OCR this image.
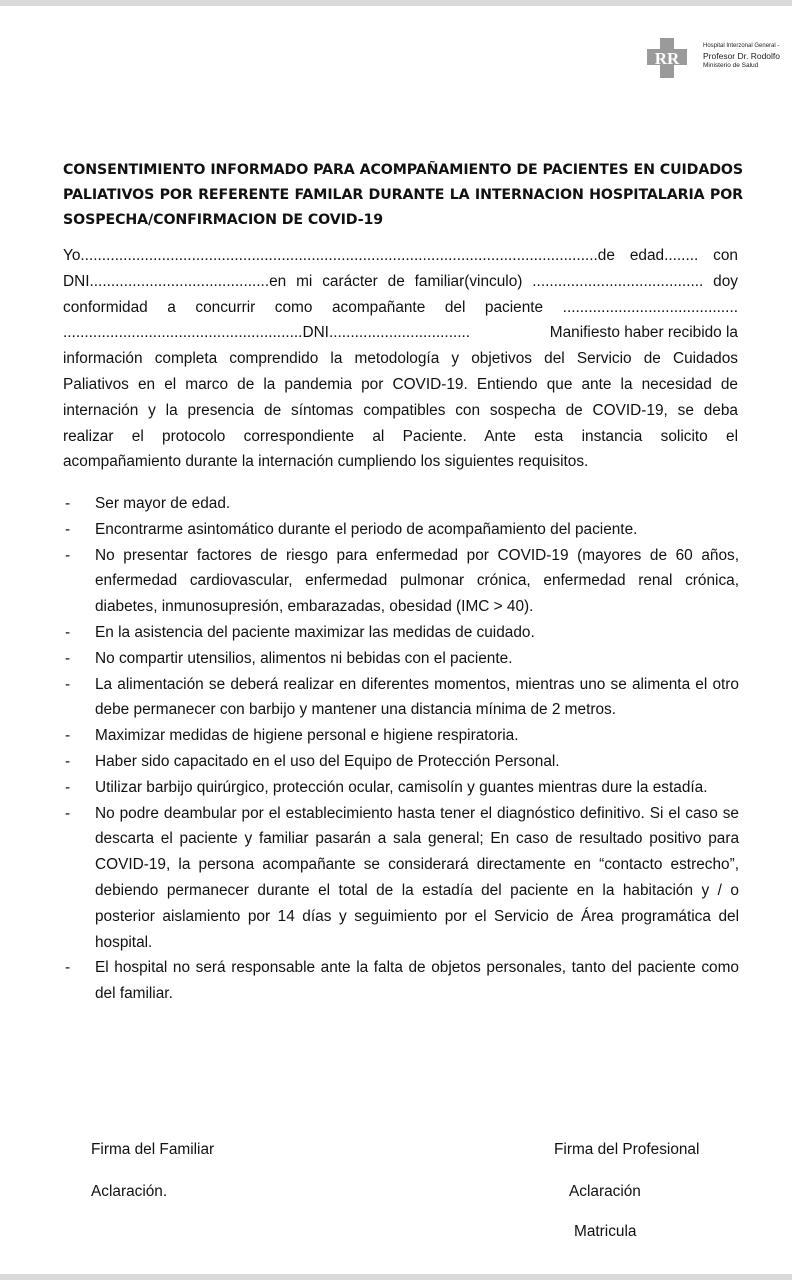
RR
Hospital Interzonal General -
Profesor Dr. Rodolfo
Ministerio de Salud
CONSENTIMIENTO INFORMADO PARA ACOMPAÑAMIENTO DE PACIENTES EN CUIDADOS
PALIATIVOS POR REFERENTE FAMILAR DURANTE LA INTERNACION HOSPITALARIA POR
SOSPECHA/CONFIRMACION DE COVID-19
Yo.........................................................................................................................de edad........ con
DNI..........................................en mi carácter de familiar(vinculo) ........................................ doy
conformidad a concurrir como acompañante del paciente .........................................
........................................................DNI.................................	Manifiesto haber recibido la
información completa comprendido la metodología y objetivos del Servicio de Cuidados
Paliativos en el marco de la pandemia por COVID-19. Entiendo que ante la necesidad de
internación y la presencia de síntomas compatibles con sospecha de COVID-19, se deba
realizar el protocolo correspondiente al Paciente. Ante esta instancia solicito el
acompañamiento durante la internación cumpliendo los siguientes requisitos.
- Ser mayor de edad.
- Encontrarme asintomático durante el periodo de acompañamiento del paciente.
- No presentar factores de riesgo para enfermedad por COVID-19 (mayores de 60 años, enfermedad cardiovascular, enfermedad pulmonar crónica, enfermedad renal crónica, diabetes, inmunosupresión, embarazadas, obesidad (IMC > 40).
- En la asistencia del paciente maximizar las medidas de cuidado.
- No compartir utensilios, alimentos ni bebidas con el paciente.
- La alimentación se deberá realizar en diferentes momentos, mientras uno se alimenta el otro debe permanecer con barbijo y mantener una distancia mínima de 2 metros.
- Maximizar medidas de higiene personal e higiene respiratoria.
- Haber sido capacitado en el uso del Equipo de Protección Personal.
- Utilizar barbijo quirúrgico, protección ocular, camisolín y guantes mientras dure la estadía.
- No podre deambular por el establecimiento hasta tener el diagnóstico definitivo. Si el caso se descarta el paciente y familiar pasarán a sala general; En caso de resultado positivo para COVID-19, la persona acompañante se considerará directamente en “contacto estrecho”, debiendo permanecer durante el total de la estadía del paciente en la habitación y / o posterior aislamiento por 14 días y seguimiento por el Servicio de Área programática del hospital.
- El hospital no será responsable ante la falta de objetos personales, tanto del paciente como del familiar.
Firma del Familiar
Aclaración.
Firma del Profesional
Aclaración
Matricula
